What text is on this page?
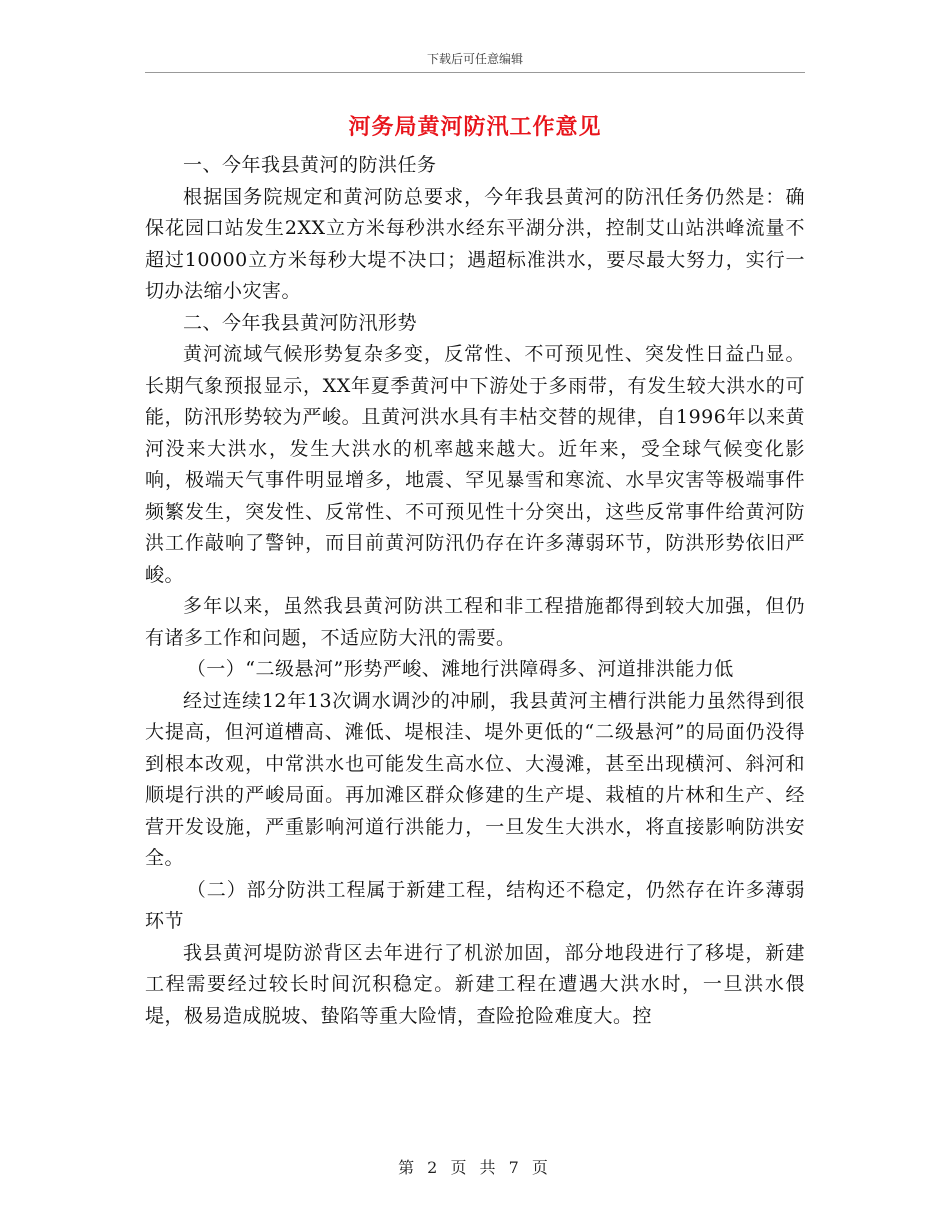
下载后可任意编辑
河务局黄河防汛工作意见

一、今年我县黄河的防洪任务

根据国务院规定和黄河防总要求，今年我县黄河的防汛任务仍然是：确保花园口站发生2XX立方米每秒洪水经东平湖分洪，控制艾山站洪峰流量不超过10000立方米每秒大堤不决口；遇超标准洪水，要尽最大努力，实行一切办法缩小灾害。

二、今年我县黄河防汛形势

黄河流域气候形势复杂多变，反常性、不可预见性、突发性日益凸显。长期气象预报显示，XX年夏季黄河中下游处于多雨带，有发生较大洪水的可能，防汛形势较为严峻。且黄河洪水具有丰枯交替的规律，自1996年以来黄河没来大洪水，发生大洪水的机率越来越大。近年来，受全球气候变化影响，极端天气事件明显增多，地震、罕见暴雪和寒流、水旱灾害等极端事件频繁发生，突发性、反常性、不可预见性十分突出，这些反常事件给黄河防洪工作敲响了警钟，而目前黄河防汛仍存在许多薄弱环节，防洪形势依旧严峻。

多年以来，虽然我县黄河防洪工程和非工程措施都得到较大加强，但仍有诸多工作和问题，不适应防大汛的需要。

（一）“二级悬河”形势严峻、滩地行洪障碍多、河道排洪能力低

经过连续12年13次调水调沙的冲刷，我县黄河主槽行洪能力虽然得到很大提高，但河道槽高、滩低、堤根洼、堤外更低的“二级悬河”的局面仍没得到根本改观，中常洪水也可能发生高水位、大漫滩，甚至出现横河、斜河和顺堤行洪的严峻局面。再加滩区群众修建的生产堤、栽植的片林和生产、经营开发设施，严重影响河道行洪能力，一旦发生大洪水，将直接影响防洪安全。

（二）部分防洪工程属于新建工程，结构还不稳定，仍然存在许多薄弱环节

我县黄河堤防淤背区去年进行了机淤加固，部分地段进行了移堤，新建工程需要经过较长时间沉积稳定。新建工程在遭遇大洪水时，一旦洪水偎堤，极易造成脱坡、蛰陷等重大险情，查险抢险难度大。控

第 2 页 共 7 页
